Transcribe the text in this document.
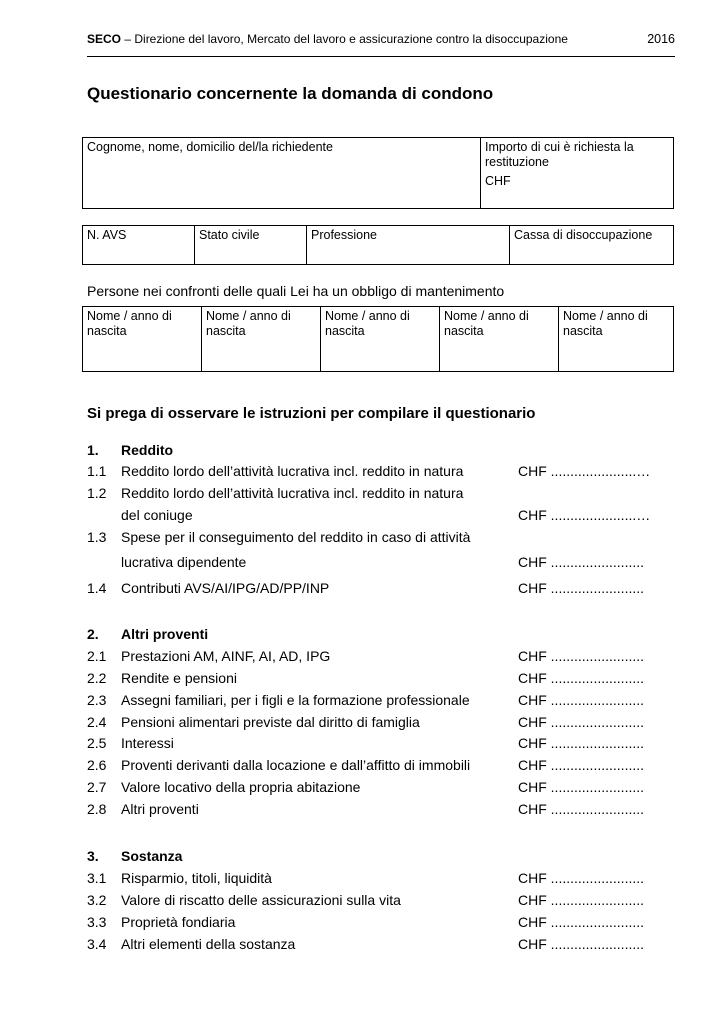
SECO – Direzione del lavoro, Mercato del lavoro e assicurazione contro la disoccupazione	2016
Questionario concernente la domanda di condono
Cognome, nome, domicilio del/la richiedente	Importo di cui è richiesta la restituzione
CHF
N. AVS	Stato civile	Professione	Cassa di disoccupazione
Persone nei confronti delle quali Lei ha un obbligo di mantenimento
Nome / anno di nascita	Nome / anno di nascita	Nome / anno di nascita	Nome / anno di nascita	Nome / anno di nascita
Si prega di osservare le istruzioni per compilare il questionario
1. Reddito
1.1 Reddito lordo dell’attività lucrativa incl. reddito in natura	CHF ......................…
1.2 Reddito lordo dell’attività lucrativa incl. reddito in natura
del coniuge	CHF ......................…
1.3 Spese per il conseguimento del reddito in caso di attività
lucrativa dipendente	CHF ........................
1.4 Contributi AVS/AI/IPG/AD/PP/INP	CHF ........................
2. Altri proventi
2.1 Prestazioni AM, AINF, AI, AD, IPG	CHF ........................
2.2 Rendite e pensioni	CHF ........................
2.3 Assegni familiari, per i figli e la formazione professionale	CHF ........................
2.4 Pensioni alimentari previste dal diritto di famiglia	CHF ........................
2.5 Interessi	CHF ........................
2.6 Proventi derivanti dalla locazione e dall’affitto di immobili	CHF ........................
2.7 Valore locativo della propria abitazione	CHF ........................
2.8 Altri proventi	CHF ........................
3. Sostanza
3.1 Risparmio, titoli, liquidità	CHF ........................
3.2 Valore di riscatto delle assicurazioni sulla vita	CHF ........................
3.3 Proprietà fondiaria	CHF ........................
3.4 Altri elementi della sostanza	CHF ........................
